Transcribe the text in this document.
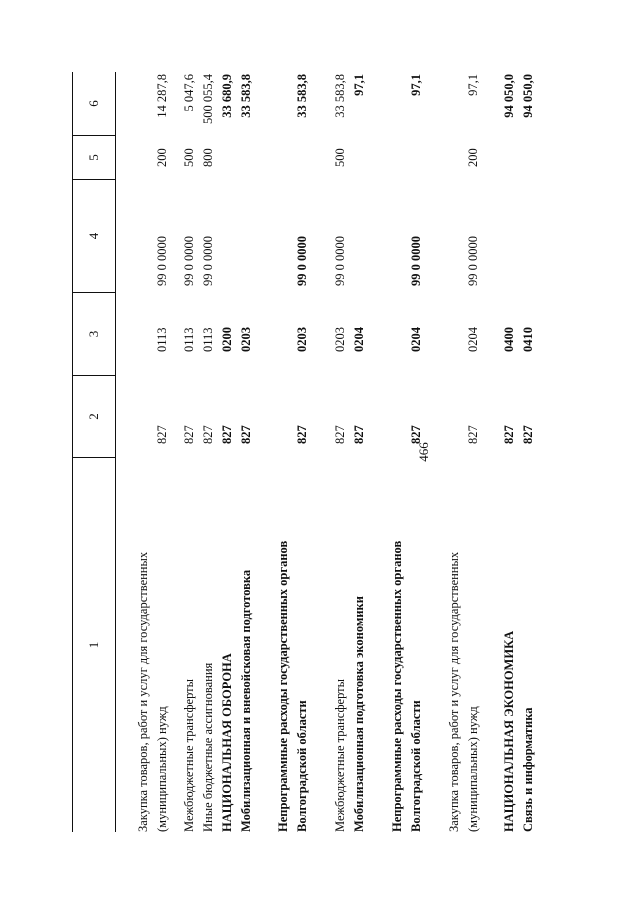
466
1
2
3
4
5
6
Закупка товаров, работ и услуг для государственных (муниципальных) нужд
827
0113
99 0 0000
200
14 287,8
Межбюджетные трансферты
827
0113
99 0 0000
500
5 047,6
Иные бюджетные ассигнования
827
0113
99 0 0000
800
500 055,4
НАЦИОНАЛЬНАЯ ОБОРОНА
827
0200
33 680,9
Мобилизационная и вневойсковая подготовка
827
0203
33 583,8
Непрограммные расходы государственных органов Волгоградской области
827
0203
99 0 0000
33 583,8
Межбюджетные трансферты
827
0203
99 0 0000
500
33 583,8
Мобилизационная подготовка экономики
827
0204
97,1
Непрограммные расходы государственных органов Волгоградской области
827
0204
99 0 0000
97,1
Закупка товаров, работ и услуг для государственных (муниципальных) нужд
827
0204
99 0 0000
200
97,1
НАЦИОНАЛЬНАЯ ЭКОНОМИКА
827
0400
94 050,0
Связь и информатика
827
0410
94 050,0
